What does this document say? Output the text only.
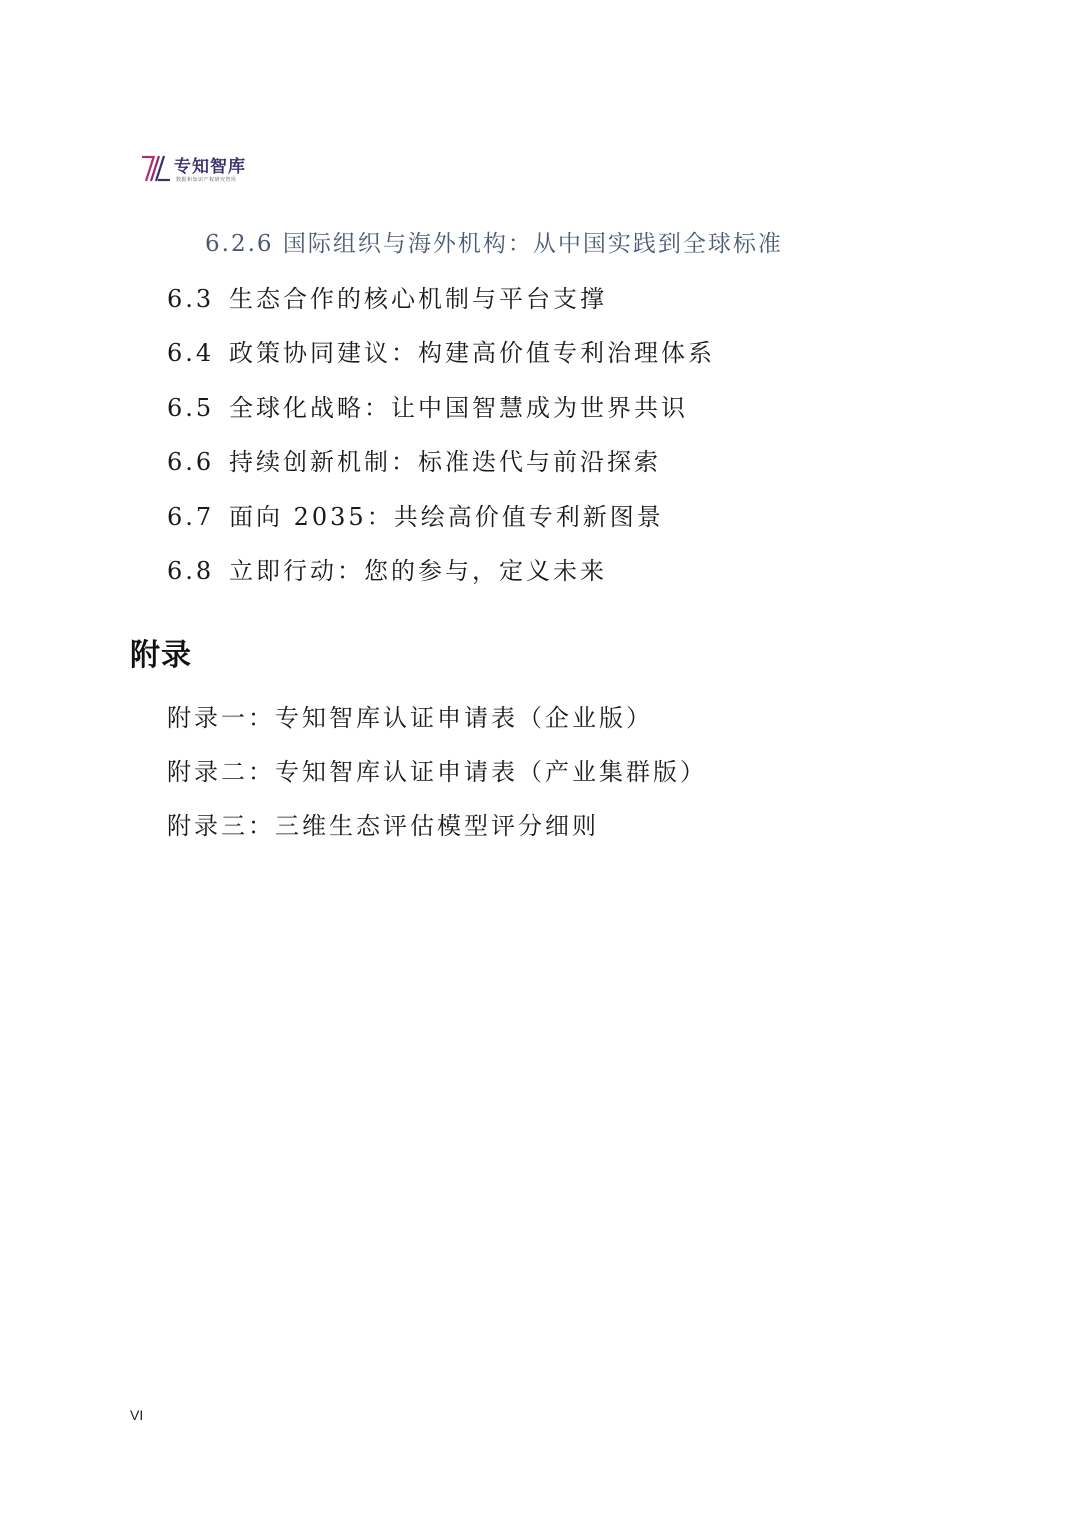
专知智库
数据和知识产权研究智库
6.2.6 国际组织与海外机构：从中国实践到全球标准
6.3 生态合作的核心机制与平台支撑
6.4 政策协同建议：构建高价值专利治理体系
6.5 全球化战略：让中国智慧成为世界共识
6.6 持续创新机制：标准迭代与前沿探索
6.7 面向 2035：共绘高价值专利新图景
6.8 立即行动：您的参与，定义未来
附录
附录一：专知智库认证申请表（企业版）
附录二：专知智库认证申请表（产业集群版）
附录三：三维生态评估模型评分细则
VI
